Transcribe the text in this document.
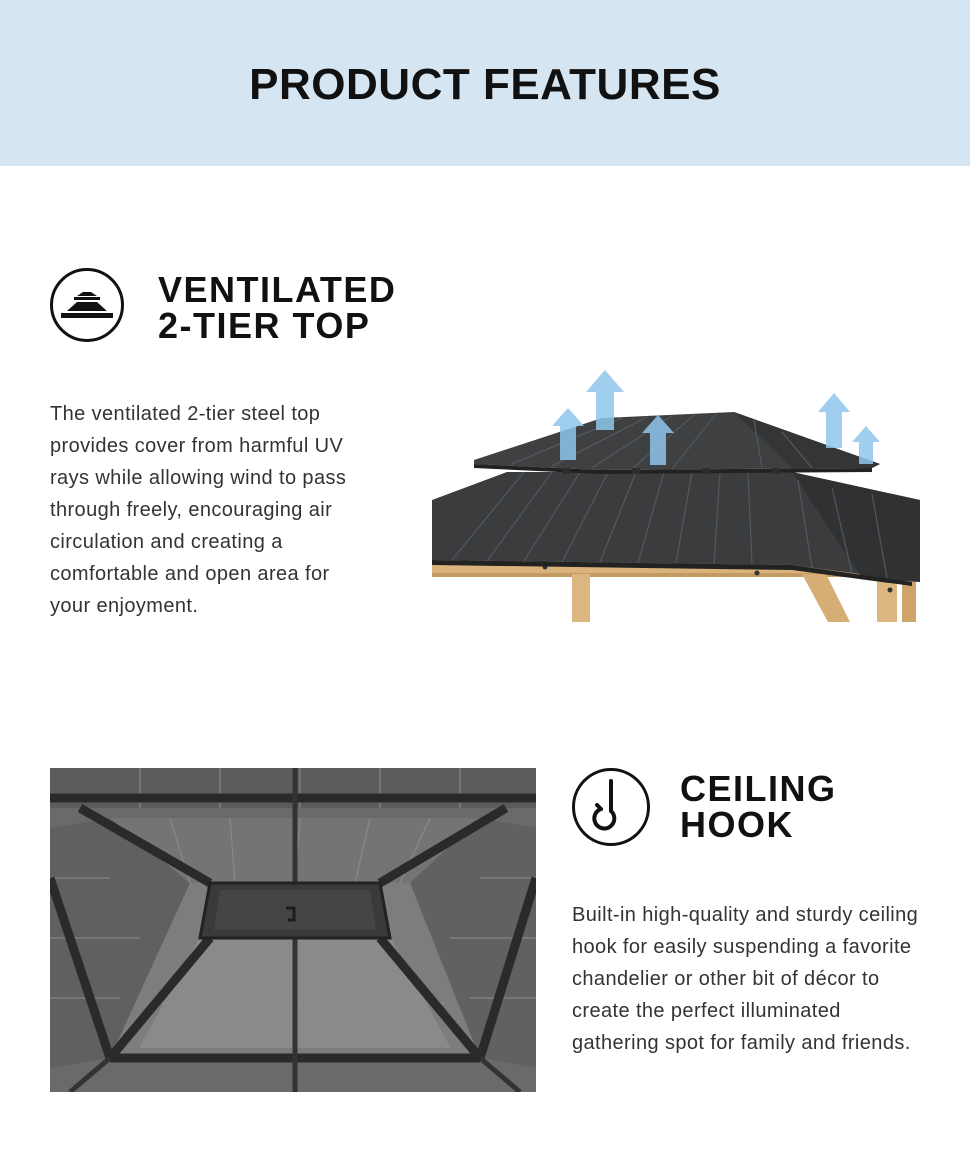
PRODUCT FEATURES
VENTILATED
2-TIER TOP

The ventilated 2-tier steel top provides cover from harmful UV rays while allowing wind to pass through freely, encouraging air circulation and creating a comfortable and open area for your enjoyment.

CEILING
HOOK

Built-in high-quality and sturdy ceiling hook for easily suspending a favorite chandelier or other bit of décor to create the perfect illuminated gathering spot for family and friends.
